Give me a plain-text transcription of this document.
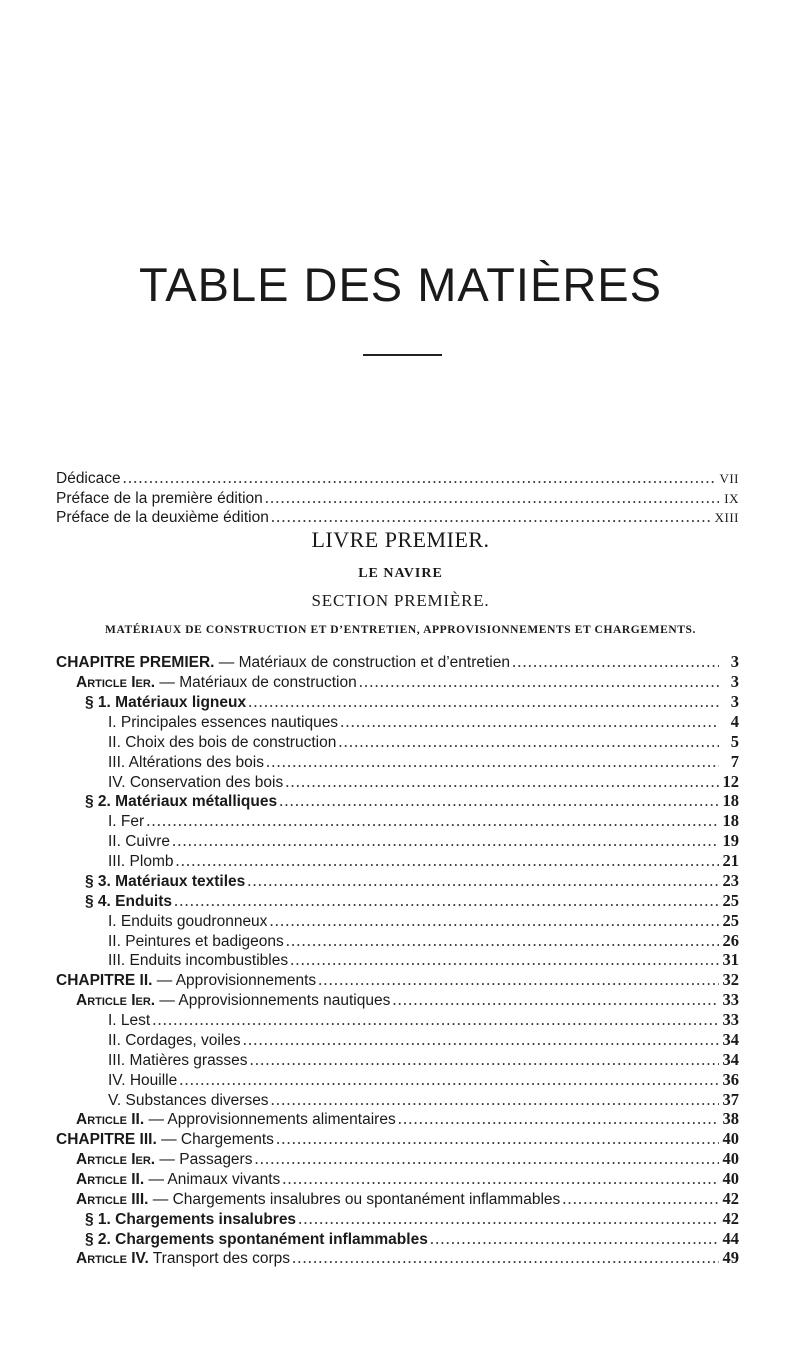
TABLE DES MATIÈRES
Dédicace . . .	VII
Préface de la première édition . . .	IX
Préface de la deuxième édition . . .	XIII
LIVRE PREMIER.
LE NAVIRE
SECTION PREMIÈRE.
MATÉRIAUX DE CONSTRUCTION ET D’ENTRETIEN, APPROVISIONNEMENTS ET CHARGEMENTS.
CHAPITRE PREMIER. — Matériaux de construction et d’entretien . . .	3
Article Ier. — Matériaux de construction . . .	3
§ 1. Matériaux ligneux . . .	3
I. Principales essences nautiques . . .	4
II. Choix des bois de construction . . .	5
III. Altérations des bois . . .	7
IV. Conservation des bois . . .	12
§ 2. Matériaux métalliques . . .	18
I. Fer . . .	18
II. Cuivre . . .	19
III. Plomb . . .	21
§ 3. Matériaux textiles . . .	23
§ 4. Enduits . . .	25
I. Enduits goudronneux . . .	25
II. Peintures et badigeons . . .	26
III. Enduits incombustibles . . .	31
CHAPITRE II. — Approvisionnements . . .	32
Article Ier. — Approvisionnements nautiques . . .	33
I. Lest . . .	33
II. Cordages, voiles . . .	34
III. Matières grasses . . .	34
IV. Houille . . .	36
V. Substances diverses . . .	37
Article II. — Approvisionnements alimentaires . . .	38
CHAPITRE III. — Chargements . . .	40
Article Ier. — Passagers . . .	40
Article II. — Animaux vivants . . .	40
Article III. — Chargements insalubres ou spontanément inflammables . . .	42
§ 1. Chargements insalubres . . .	42
§ 2. Chargements spontanément inflammables . . .	44
Article IV. Transport des corps . . .	49
